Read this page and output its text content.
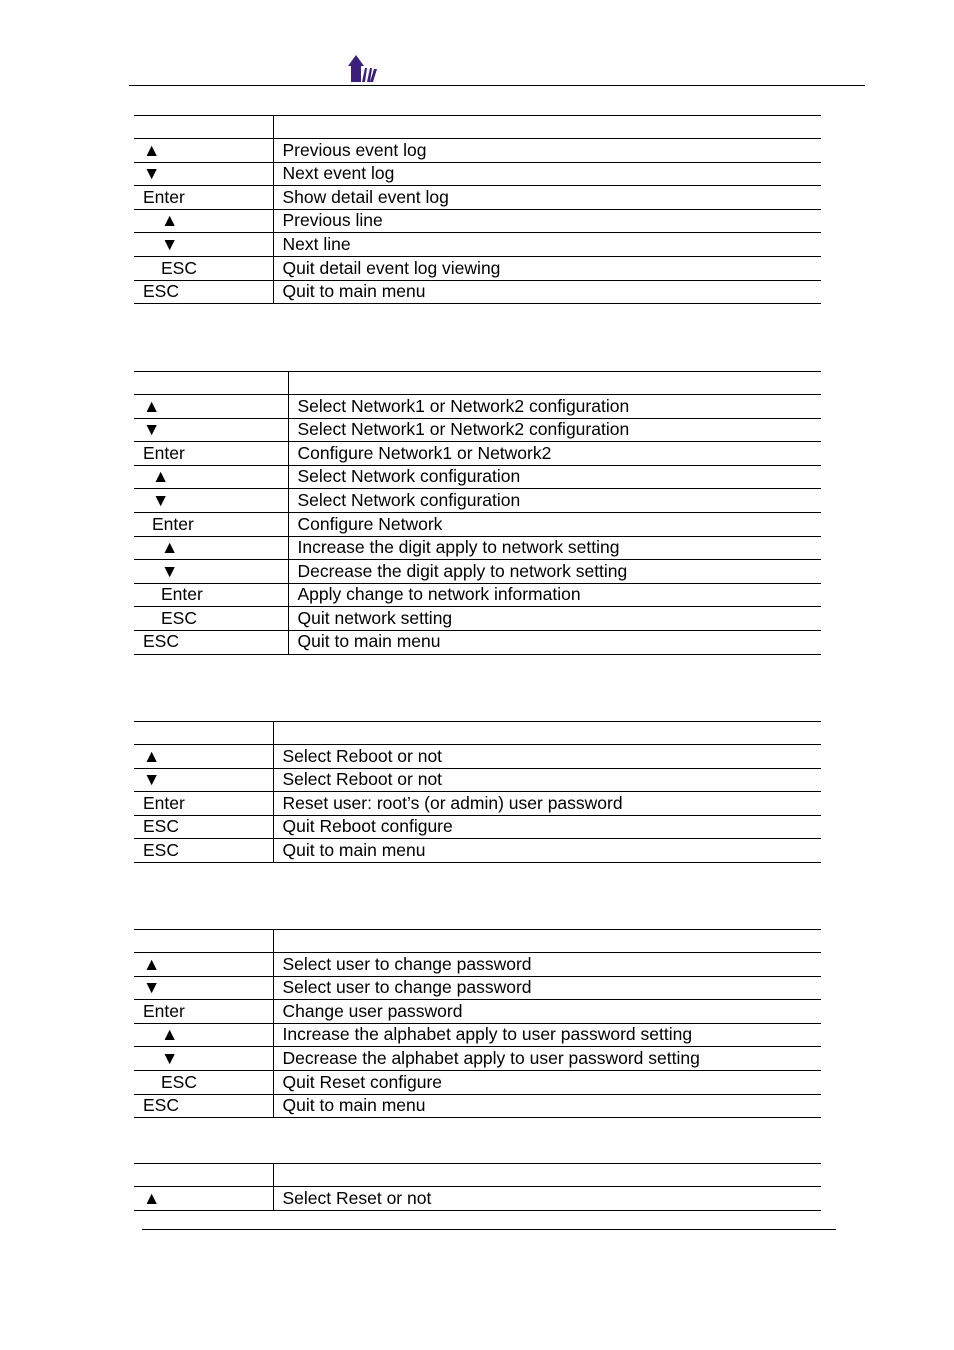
▲	Previous event log
▼	Next event log
Enter	Show detail event log
▲	Previous line
▼	Next line
ESC	Quit detail event log viewing
ESC	Quit to main menu

▲	Select Network1 or Network2 configuration
▼	Select Network1 or Network2 configuration
Enter	Configure Network1 or Network2
▲	Select Network configuration
▼	Select Network configuration
Enter	Configure Network
▲	Increase the digit apply to network setting
▼	Decrease the digit apply to network setting
Enter	Apply change to network information
ESC	Quit network setting
ESC	Quit to main menu

▲	Select Reboot or not
▼	Select Reboot or not
Enter	Reset user: root’s (or admin) user password
ESC	Quit Reboot configure
ESC	Quit to main menu

▲	Select user to change password
▼	Select user to change password
Enter	Change user password
▲	Increase the alphabet apply to user password setting
▼	Decrease the alphabet apply to user password setting
ESC	Quit Reset configure
ESC	Quit to main menu

▲	Select Reset or not
